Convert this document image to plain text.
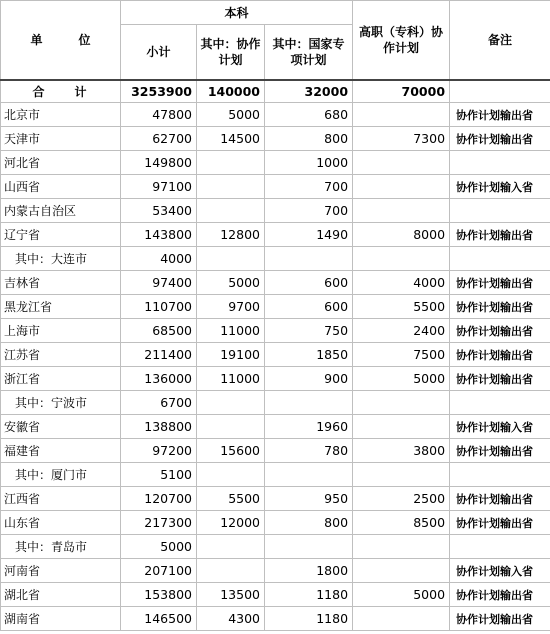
单　　　位	本科			高职（专科）协作计划	备注
	小计	其中：协作计划	其中：国家专项计划		
合　　计	3253900	140000	32000	70000	
北京市	47800	5000	680		协作计划输出省
天津市	62700	14500	800	7300	协作计划输出省
河北省	149800		1000		
山西省	97100		700		协作计划输入省
内蒙古自治区	53400		700		
辽宁省	143800	12800	1490	8000	协作计划输出省
其中：大连市	4000				
吉林省	97400	5000	600	4000	协作计划输出省
黑龙江省	110700	9700	600	5500	协作计划输出省
上海市	68500	11000	750	2400	协作计划输出省
江苏省	211400	19100	1850	7500	协作计划输出省
浙江省	136000	11000	900	5000	协作计划输出省
其中：宁波市	6700				
安徽省	138800		1960		协作计划输入省
福建省	97200	15600	780	3800	协作计划输出省
其中：厦门市	5100				
江西省	120700	5500	950	2500	协作计划输出省
山东省	217300	12000	800	8500	协作计划输出省
其中：青岛市	5000				
河南省	207100		1800		协作计划输入省
湖北省	153800	13500	1180	5000	协作计划输出省
湖南省	146500	4300	1180		协作计划输出省
